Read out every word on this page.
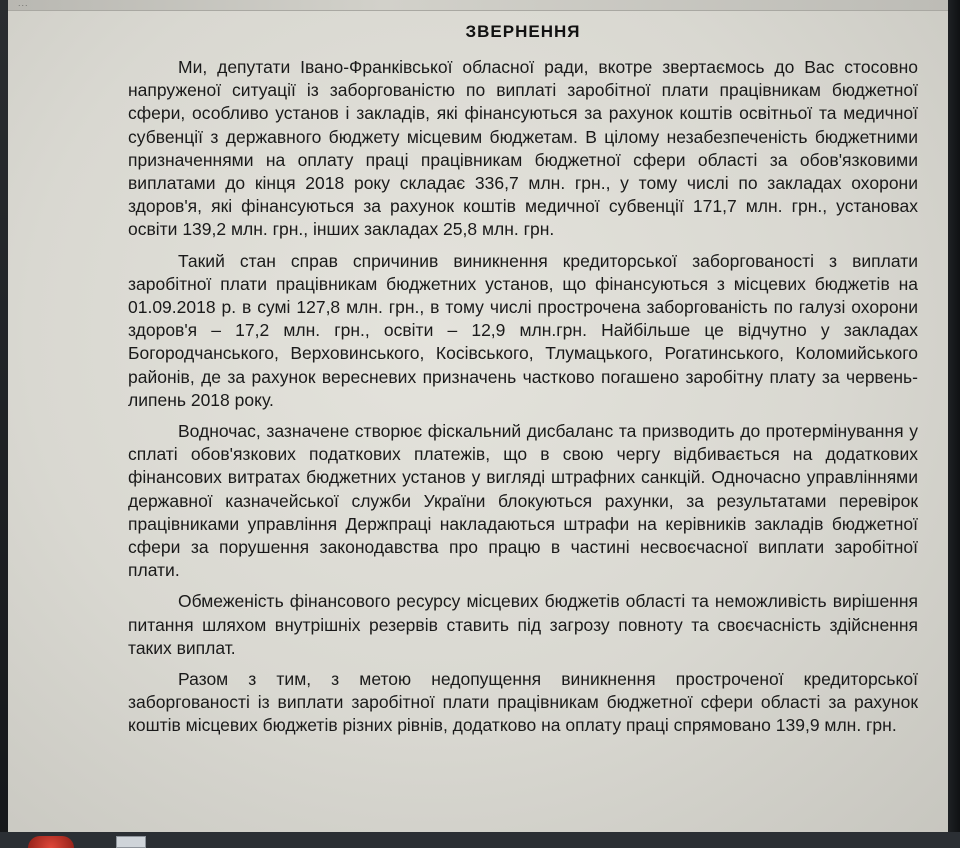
...
ЗВЕРНЕННЯ

Ми, депутати Івано-Франківської обласної ради, вкотре звертаємось до Вас стосовно напруженої ситуації із заборгованістю по виплаті заробітної плати працівникам бюджетної сфери, особливо установ і закладів, які фінансуються за рахунок коштів освітньої та медичної субвенції з державного бюджету місцевим бюджетам. В цілому незабезпеченість бюджетними призначеннями на оплату праці працівникам бюджетної сфери області за обов'язковими виплатами до кінця 2018 року складає 336,7 млн. грн., у тому числі по закладах охорони здоров'я, які фінансуються за рахунок коштів медичної субвенції 171,7 млн. грн., установах освіти 139,2 млн. грн., інших закладах 25,8 млн. грн.

Такий стан справ спричинив виникнення кредиторської заборгованості з виплати заробітної плати працівникам бюджетних установ, що фінансуються з місцевих бюджетів на 01.09.2018 р. в сумі 127,8 млн. грн., в тому числі прострочена заборгованість по галузі охорони здоров'я – 17,2 млн. грн., освіти – 12,9 млн.грн. Найбільше це відчутно у закладах Богородчанського, Верховинського, Косівського, Тлумацького, Рогатинського, Коломийського районів, де за рахунок вересневих призначень частково погашено заробітну плату за червень-липень 2018 року.

Водночас, зазначене створює фіскальний дисбаланс та призводить до протермінування у сплаті обов'язкових податкових платежів, що в свою чергу відбивається на додаткових фінансових витратах бюджетних установ у вигляді штрафних санкцій. Одночасно управліннями державної казначейської служби України блокуються рахунки, за результатами перевірок працівниками управління Держпраці накладаються штрафи на керівників закладів бюджетної сфери за порушення законодавства про працю в частині несвоєчасної виплати заробітної плати.

Обмеженість фінансового ресурсу місцевих бюджетів області та неможливість вирішення питання шляхом внутрішніх резервів ставить під загрозу повноту та своєчасність здійснення таких виплат.

Разом з тим, з метою недопущення виникнення простроченої кредиторської заборгованості із виплати заробітної плати працівникам бюджетної сфери області за рахунок коштів місцевих бюджетів різних рівнів, додатково на оплату праці спрямовано 139,9 млн. грн.
